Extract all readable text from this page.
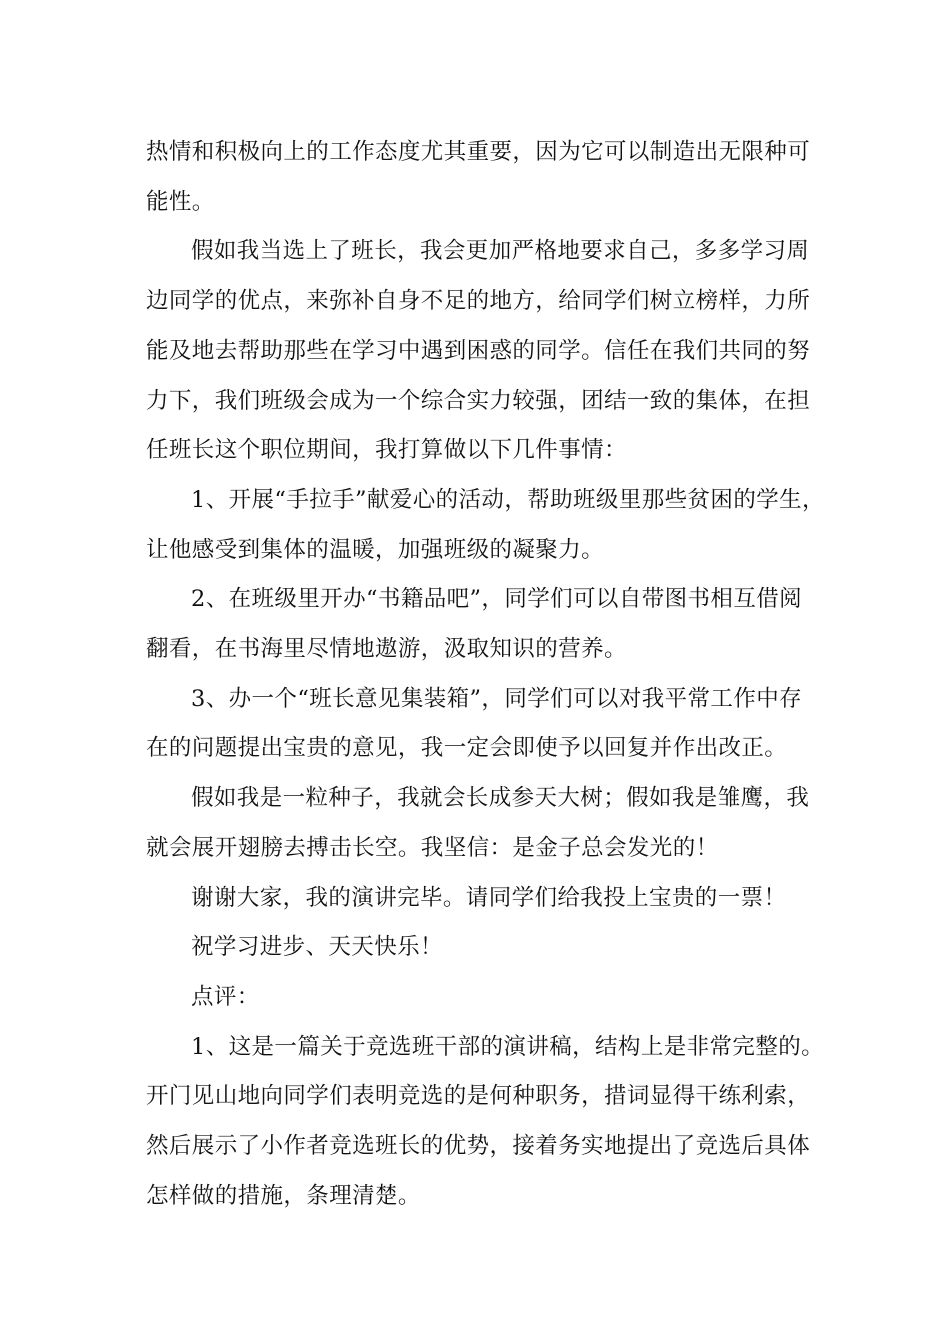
热情和积极向上的工作态度尤其重要，因为它可以制造出无限种可
能性。

假如我当选上了班长，我会更加严格地要求自己，多多学习周
边同学的优点，来弥补自身不足的地方，给同学们树立榜样，力所
能及地去帮助那些在学习中遇到困惑的同学。信任在我们共同的努
力下，我们班级会成为一个综合实力较强，团结一致的集体，在担
任班长这个职位期间，我打算做以下几件事情：

1、开展“手拉手”献爱心的活动，帮助班级里那些贫困的学生，
让他感受到集体的温暖，加强班级的凝聚力。

2、在班级里开办“书籍品吧”，同学们可以自带图书相互借阅
翻看，在书海里尽情地遨游，汲取知识的营养。

3、办一个“班长意见集装箱”，同学们可以对我平常工作中存
在的问题提出宝贵的意见，我一定会即使予以回复并作出改正。

假如我是一粒种子，我就会长成参天大树；假如我是雏鹰，我
就会展开翅膀去搏击长空。我坚信：是金子总会发光的！

谢谢大家，我的演讲完毕。请同学们给我投上宝贵的一票！

祝学习进步、天天快乐！

点评：

1、这是一篇关于竞选班干部的演讲稿，结构上是非常完整的。
开门见山地向同学们表明竞选的是何种职务，措词显得干练利索，
然后展示了小作者竞选班长的优势，接着务实地提出了竞选后具体
怎样做的措施，条理清楚。
